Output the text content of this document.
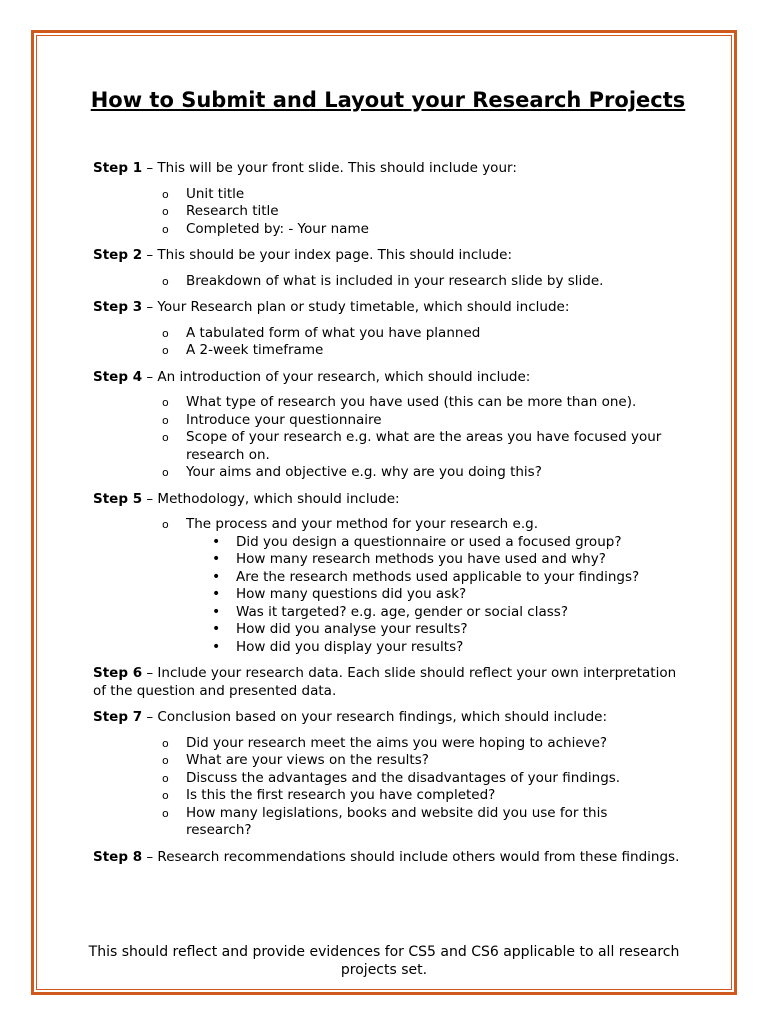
How to Submit and Layout your Research Projects

Step 1 – This will be your front slide. This should include your:

o Unit title
o Research title
o Completed by: - Your name

Step 2 – This should be your index page. This should include:

o Breakdown of what is included in your research slide by slide.

Step 3 – Your Research plan or study timetable, which should include:

o A tabulated form of what you have planned
o A 2-week timeframe

Step 4 – An introduction of your research, which should include:

o What type of research you have used (this can be more than one).
o Introduce your questionnaire
o Scope of your research e.g. what are the areas you have focused your research on.
o Your aims and objective e.g. why are you doing this?

Step 5 – Methodology, which should include:

o The process and your method for your research e.g.
• Did you design a questionnaire or used a focused group?
• How many research methods you have used and why?
• Are the research methods used applicable to your findings?
• How many questions did you ask?
• Was it targeted? e.g. age, gender or social class?
• How did you analyse your results?
• How did you display your results?

Step 6 – Include your research data. Each slide should reflect your own interpretation of the question and presented data.

Step 7 – Conclusion based on your research findings, which should include:

o Did your research meet the aims you were hoping to achieve?
o What are your views on the results?
o Discuss the advantages and the disadvantages of your findings.
o Is this the first research you have completed?
o How many legislations, books and website did you use for this research?

Step 8 – Research recommendations should include others would from these findings.

This should reflect and provide evidences for CS5 and CS6 applicable to all research projects set.
